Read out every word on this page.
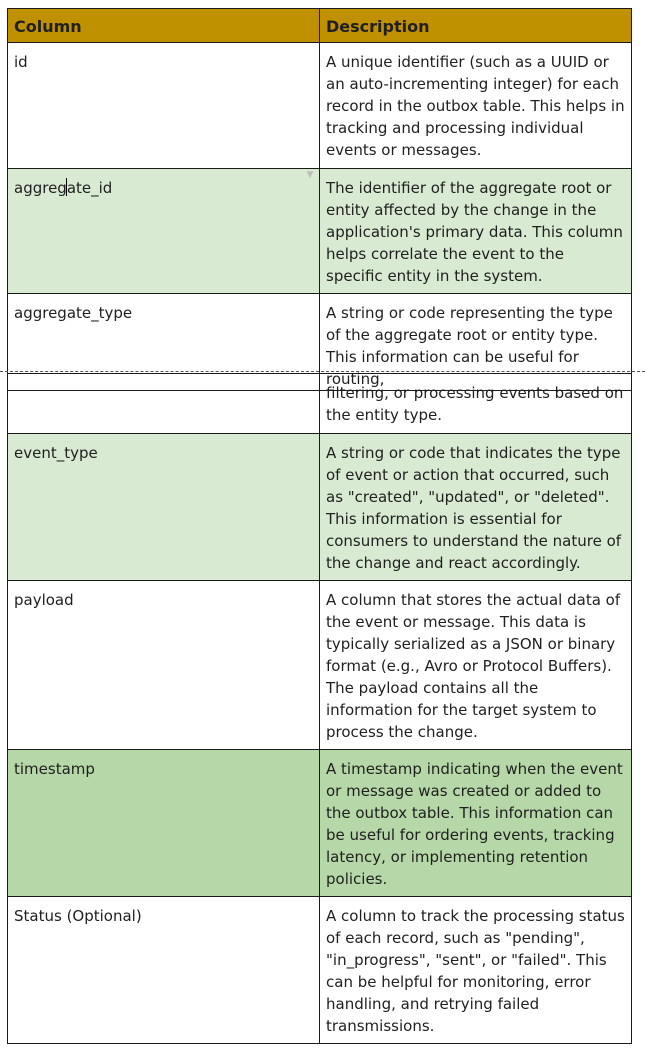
Column	Description
id	A unique identifier (such as a UUID or an auto-incrementing integer) for each record in the outbox table. This helps in tracking and processing individual events or messages.
aggregate_id	The identifier of the aggregate root or entity affected by the change in the application's primary data. This column helps correlate the event to the specific entity in the system.
aggregate_type	A string or code representing the type of the aggregate root or entity type. This information can be useful for routing,
▼
	filtering, or processing events based on the entity type.
event_type	A string or code that indicates the type of event or action that occurred, such as "created", "updated", or "deleted". This information is essential for consumers to understand the nature of the change and react accordingly.
payload	A column that stores the actual data of the event or message. This data is typically serialized as a JSON or binary format (e.g., Avro or Protocol Buffers). The payload contains all the information for the target system to process the change.
timestamp	A timestamp indicating when the event or message was created or added to the outbox table. This information can be useful for ordering events, tracking latency, or implementing retention policies.
Status (Optional)	A column to track the processing status of each record, such as "pending", "in_progress", "sent", or "failed". This can be helpful for monitoring, error handling, and retrying failed transmissions.
